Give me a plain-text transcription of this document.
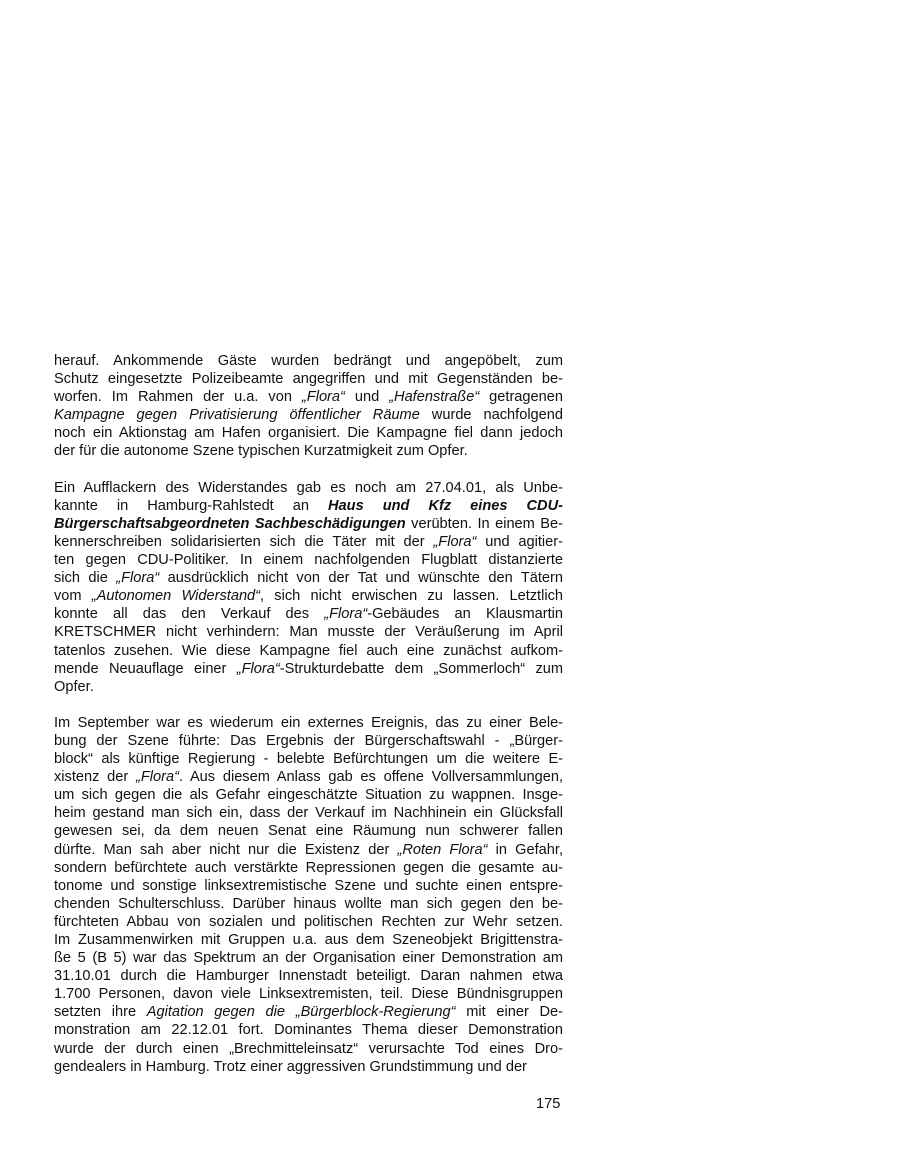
herauf. Ankommende Gäste wurden bedrängt und angepöbelt, zum
Schutz eingesetzte Polizeibeamte angegriffen und mit Gegenständen be-
worfen. Im Rahmen der u.a. von „Flora“ und „Hafenstraße“ getragenen
Kampagne gegen Privatisierung öffentlicher Räume wurde nachfolgend
noch ein Aktionstag am Hafen organisiert. Die Kampagne fiel dann jedoch
der für die autonome Szene typischen Kurzatmigkeit zum Opfer.

Ein Aufflackern des Widerstandes gab es noch am 27.04.01, als Unbe-
kannte in Hamburg-Rahlstedt an Haus und Kfz eines CDU-
Bürgerschaftsabgeordneten Sachbeschädigungen verübten. In einem Be-
kennerschreiben solidarisierten sich die Täter mit der „Flora“ und agitier-
ten gegen CDU-Politiker. In einem nachfolgenden Flugblatt distanzierte
sich die „Flora“ ausdrücklich nicht von der Tat und wünschte den Tätern
vom „Autonomen Widerstand“, sich nicht erwischen zu lassen. Letztlich
konnte all das den Verkauf des „Flora“-Gebäudes an Klausmartin
KRETSCHMER nicht verhindern: Man musste der Veräußerung im April
tatenlos zusehen. Wie diese Kampagne fiel auch eine zunächst aufkom-
mende Neuauflage einer „Flora“-Strukturdebatte dem „Sommerloch“ zum
Opfer.

Im September war es wiederum ein externes Ereignis, das zu einer Bele-
bung der Szene führte: Das Ergebnis der Bürgerschaftswahl - „Bürger-
block“ als künftige Regierung - belebte Befürchtungen um die weitere E-
xistenz der „Flora“. Aus diesem Anlass gab es offene Vollversammlungen,
um sich gegen die als Gefahr eingeschätzte Situation zu wappnen. Insge-
heim gestand man sich ein, dass der Verkauf im Nachhinein ein Glücksfall
gewesen sei, da dem neuen Senat eine Räumung nun schwerer fallen
dürfte. Man sah aber nicht nur die Existenz der „Roten Flora“ in Gefahr,
sondern befürchtete auch verstärkte Repressionen gegen die gesamte au-
tonome und sonstige linksextremistische Szene und suchte einen entspre-
chenden Schulterschluss. Darüber hinaus wollte man sich gegen den be-
fürchteten Abbau von sozialen und politischen Rechten zur Wehr setzen.
Im Zusammenwirken mit Gruppen u.a. aus dem Szeneobjekt Brigittenstra-
ße 5 (B 5) war das Spektrum an der Organisation einer Demonstration am
31.10.01 durch die Hamburger Innenstadt beteiligt. Daran nahmen etwa
1.700 Personen, davon viele Linksextremisten, teil. Diese Bündnisgruppen
setzten ihre Agitation gegen die „Bürgerblock-Regierung“ mit einer De-
monstration am 22.12.01 fort. Dominantes Thema dieser Demonstration
wurde der durch einen „Brechmitteleinsatz“ verursachte Tod eines Dro-
gendealers in Hamburg. Trotz einer aggressiven Grundstimmung und der

175
